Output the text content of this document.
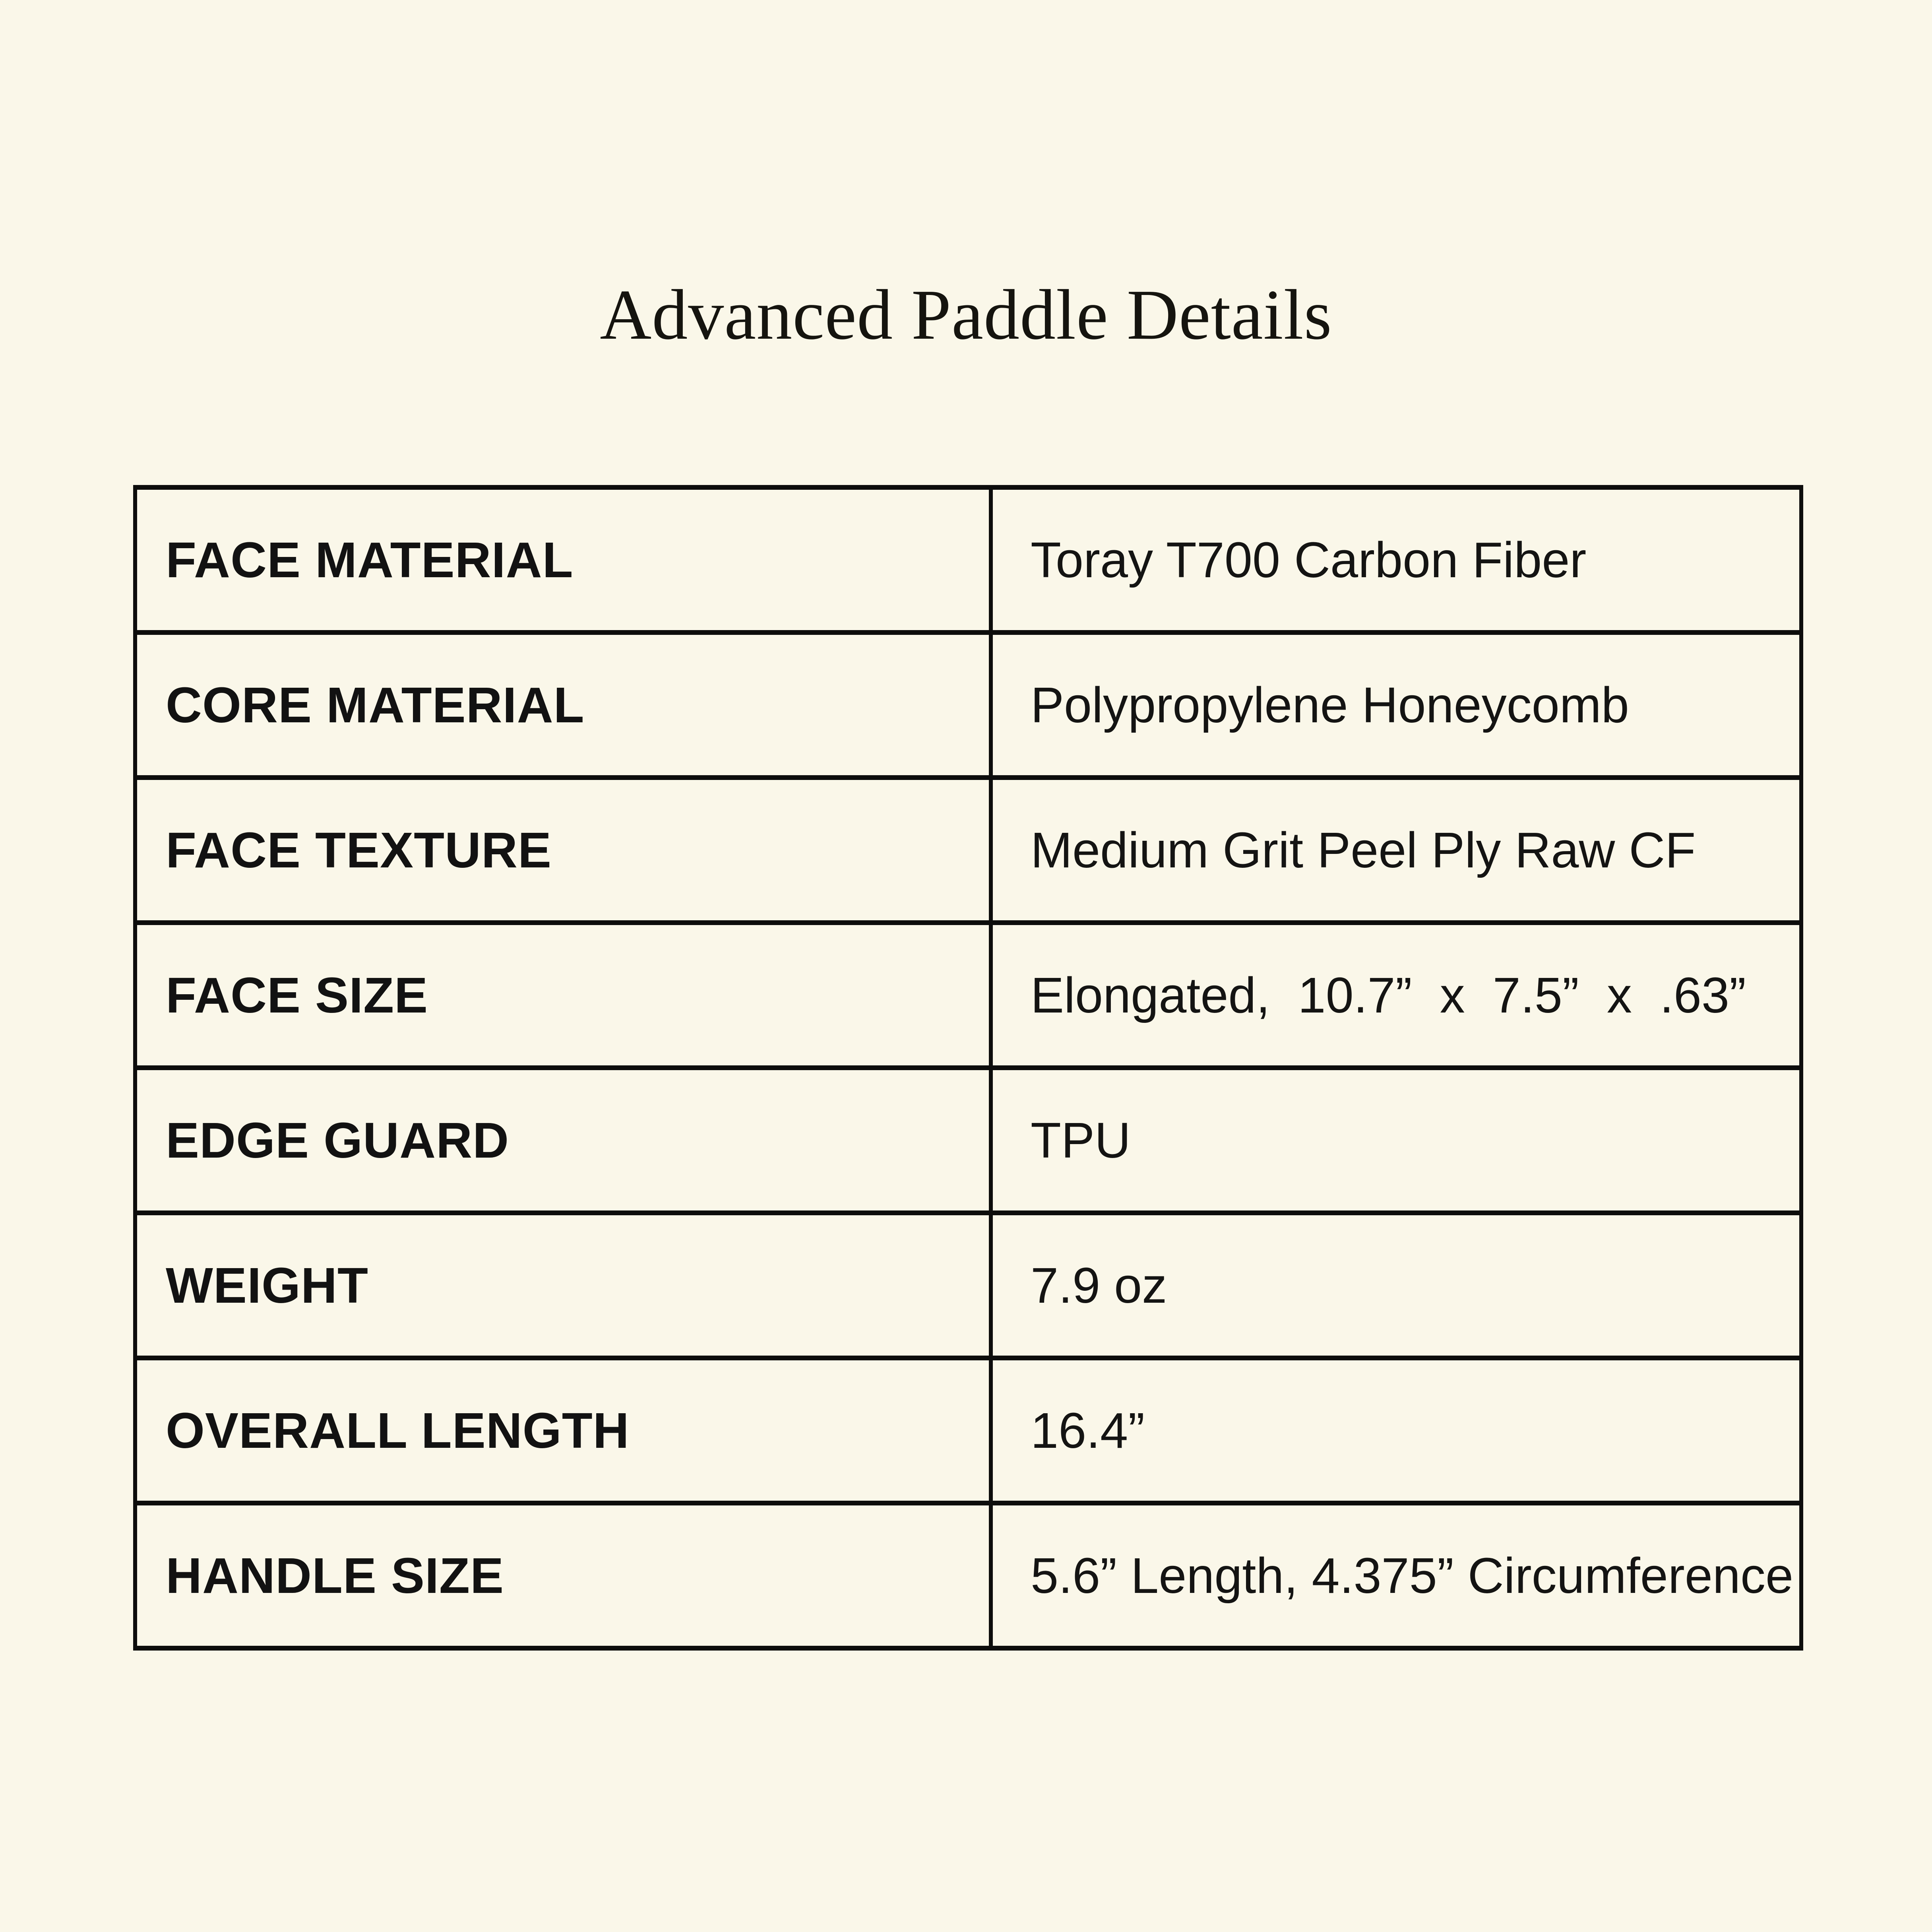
Advanced Paddle Details
FACE MATERIAL	Toray T700 Carbon Fiber
CORE MATERIAL	Polypropylene Honeycomb
FACE TEXTURE	Medium Grit Peel Ply Raw CF
FACE SIZE	Elongated,  10.7”  x  7.5”  x  .63”
EDGE GUARD	TPU
WEIGHT	7.9 oz
OVERALL LENGTH	16.4”
HANDLE SIZE	5.6” Length, 4.375” Circumference
